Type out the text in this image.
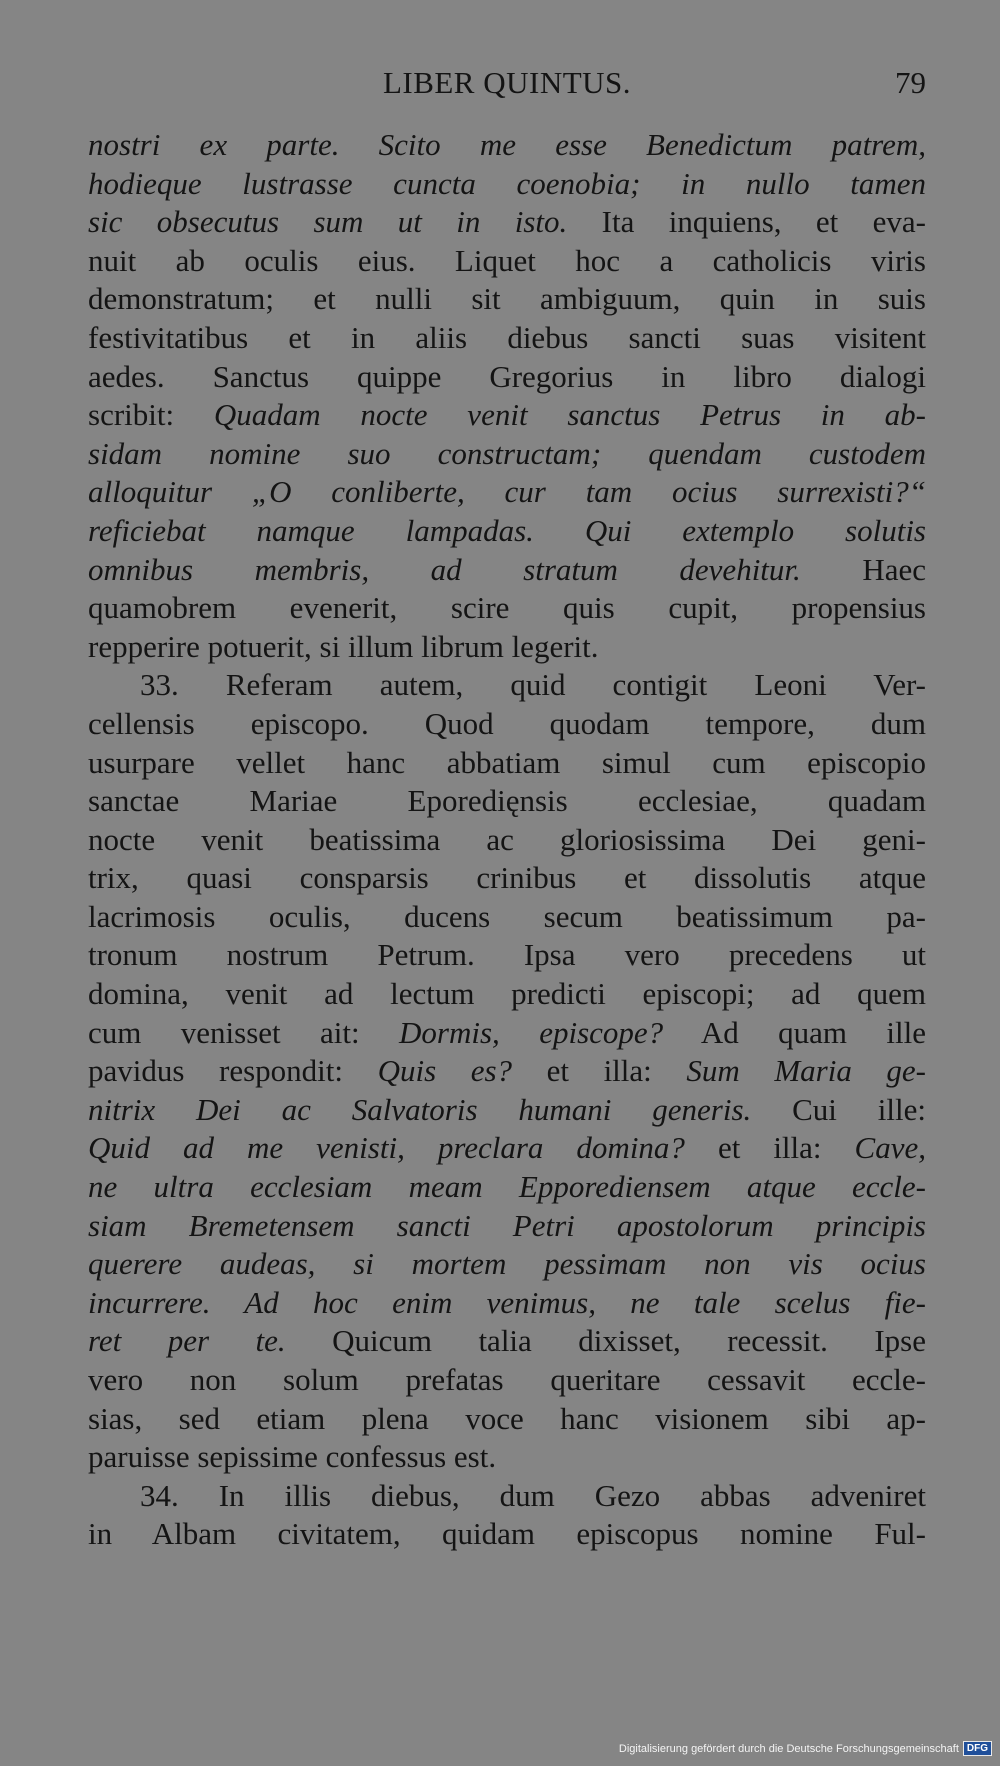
LIBER QUINTUS.	79
nostri ex parte. Scito me esse Benedictum patrem,
hodieque lustrasse cuncta coenobia; in nullo tamen
sic obsecutus sum ut in isto. Ita inquiens, et eva-
nuit ab oculis eius. Liquet hoc a catholicis viris
demonstratum; et nulli sit ambiguum, quin in suis
festivitatibus et in aliis diebus sancti suas visitent
aedes. Sanctus quippe Gregorius in libro dialogi
scribit: Quadam nocte venit sanctus Petrus in ab-
sidam nomine suo constructam; quendam custodem
alloquitur „O conliberte, cur tam ocius surrexisti?“
reficiebat namque lampadas. Qui extemplo solutis
omnibus membris, ad stratum devehitur. Haec
quamobrem evenerit, scire quis cupit, propensius
repperire potuerit, si illum librum legerit.
33. Referam autem, quid contigit Leoni Ver-
cellensis episcopo. Quod quodam tempore, dum
usurpare vellet hanc abbatiam simul cum episcopio
sanctae Mariae Eporedięnsis ecclesiae, quadam
nocte venit beatissima ac gloriosissima Dei geni-
trix, quasi consparsis crinibus et dissolutis atque
lacrimosis oculis, ducens secum beatissimum pa-
tronum nostrum Petrum. Ipsa vero precedens ut
domina, venit ad lectum predicti episcopi; ad quem
cum venisset ait: Dormis, episcope? Ad quam ille
pavidus respondit: Quis es? et illa: Sum Maria ge-
nitrix Dei ac Salvatoris humani generis. Cui ille:
Quid ad me venisti, preclara domina? et illa: Cave,
ne ultra ecclesiam meam Epporediensem atque eccle-
siam Bremetensem sancti Petri apostolorum principis
querere audeas, si mortem pessimam non vis ocius
incurrere. Ad hoc enim venimus, ne tale scelus fie-
ret per te. Quicum talia dixisset, recessit. Ipse
vero non solum prefatas queritare cessavit eccle-
sias, sed etiam plena voce hanc visionem sibi ap-
paruisse sepissime confessus est.
34. In illis diebus, dum Gezo abbas adveniret
in Albam civitatem, quidam episcopus nomine Ful-
Digitalisierung gefördert durch die Deutsche Forschungsgemeinschaft DFG
